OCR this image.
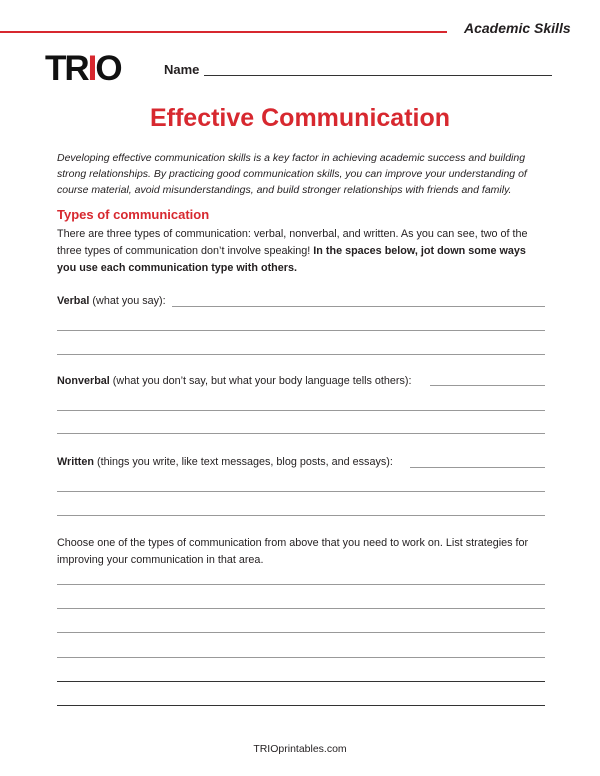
Academic Skills
TRIO	Name
Effective Communication
Developing effective communication skills is a key factor in achieving academic success and building strong relationships. By practicing good communication skills, you can improve your understanding of course material, avoid misunderstandings, and build stronger relationships with friends and family.
Types of communication
There are three types of communication: verbal, nonverbal, and written. As you can see, two of the three types of communication don’t involve speaking! In the spaces below, jot down some ways you use each communication type with others.
Verbal (what you say):
Nonverbal (what you don’t say, but what your body language tells others):
Written (things you write, like text messages, blog posts, and essays):
Choose one of the types of communication from above that you need to work on. List strategies for improving your communication in that area.
TRIOprintables.com
